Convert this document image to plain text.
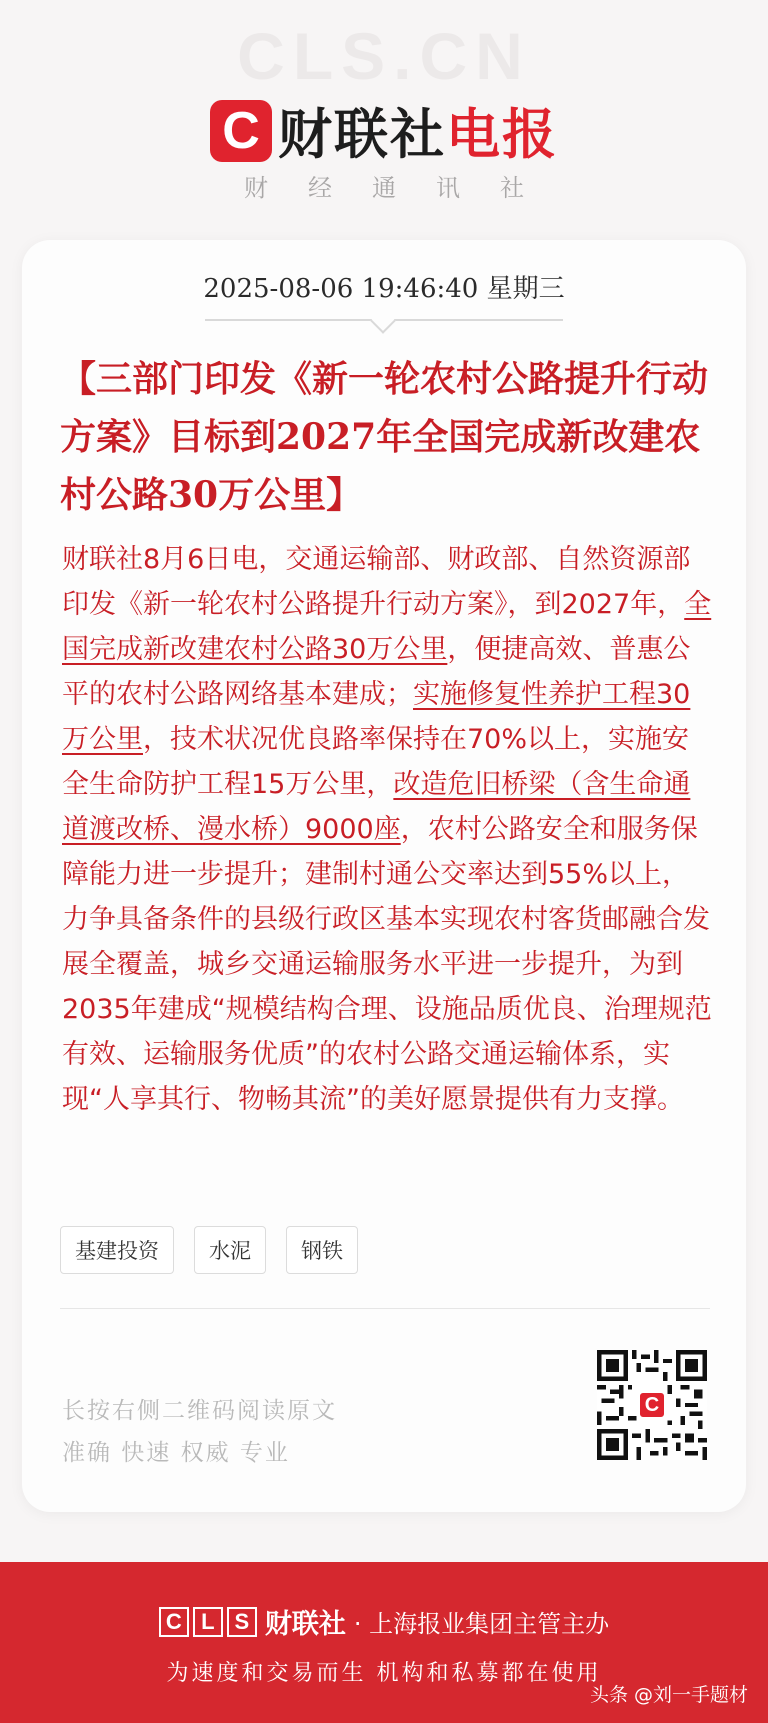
CLS.CN
C 财联社电报
财经通讯社
2025-08-06 19:46:40 星期三
【三部门印发《新一轮农村公路提升行动方案》目标到2027年全国完成新改建农村公路30万公里】
财联社8月6日电，交通运输部、财政部、自然资源部印发《新一轮农村公路提升行动方案》，到2027年，全国完成新改建农村公路30万公里，便捷高效、普惠公平的农村公路网络基本建成；实施修复性养护工程30万公里，技术状况优良路率保持在70%以上，实施安全生命防护工程15万公里，改造危旧桥梁（含生命通道渡改桥、漫水桥）9000座，农村公路安全和服务保障能力进一步提升；建制村通公交率达到55%以上，力争具备条件的县级行政区基本实现农村客货邮融合发展全覆盖，城乡交通运输服务水平进一步提升，为到2035年建成“规模结构合理、设施品质优良、治理规范有效、运输服务优质”的农村公路交通运输体系，实现“人享其行、物畅其流”的美好愿景提供有力支撑。
基建投资	水泥	钢铁
长按右侧二维码阅读原文
准确 快速 权威 专业
C
C L S 财联社 · 上海报业集团主管主办
为速度和交易而生 机构和私募都在使用
头条 @刘一手题材
